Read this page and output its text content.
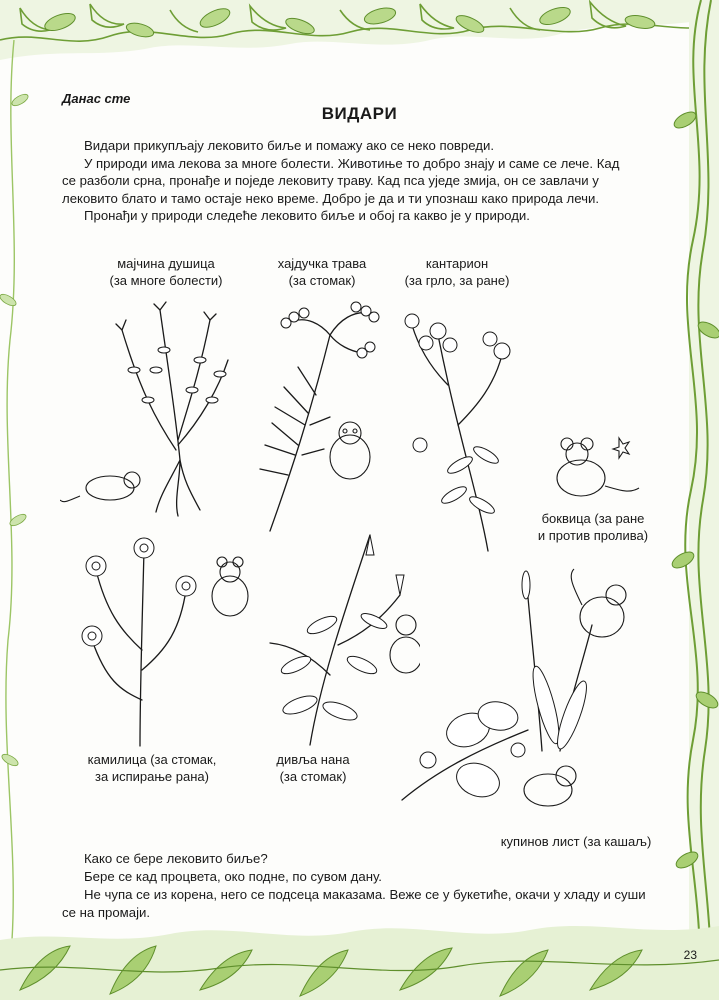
Данас сте
ВИДАРИ

Видари прикупљају лековито биље и помажу ако се неко повреди.

У природи има лекова за многе болести. Животиње то добро знају и саме се лече. Кад се разболи срна, пронађе и поједе лековиту траву. Кад пса уједе змија, он се завлачи у лековито блато и тамо остаје неко време. Добро је да и ти упознаш како природа лечи.

Пронађи у природи следеће лековито биље и обој га какво је у природи.

мајчина душица
(за многе болести)
хајдучка трава
(за стомак)
кантарион
(за грло, за ране)
боквица (за ране
и против пролива)
камилица (за стомак,
за испирање рана)
дивља нана
(за стомак)
купинов лист (за кашаљ)

Како се бере лековито биље?

Бере се кад процвета, око подне, по сувом дану.

Не чупа се из корена, него се подсеца маказама. Веже се у букетиће, окачи у хладу и суши се на промаји.

23
